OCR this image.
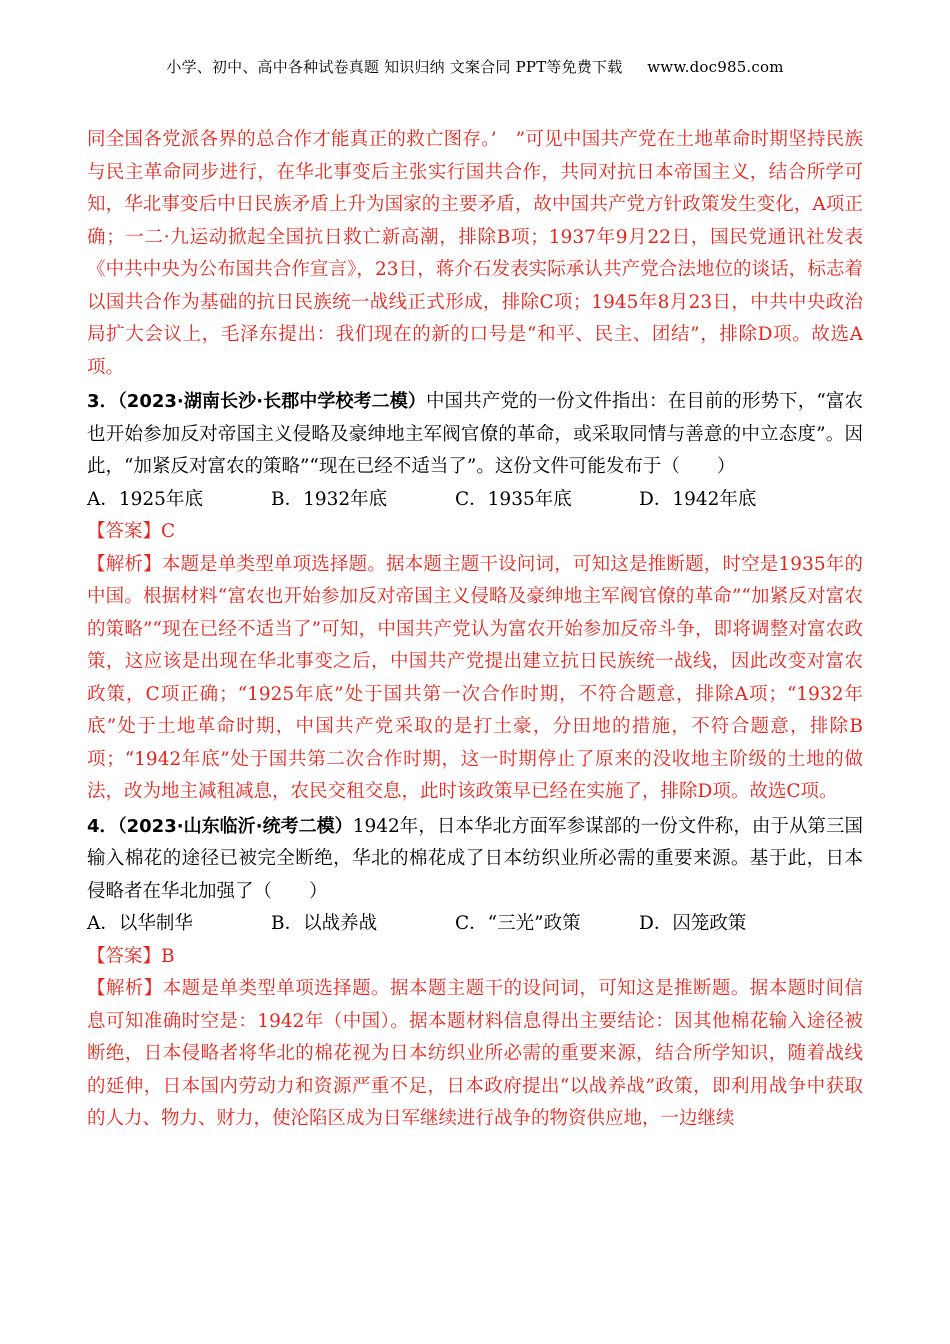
小学、初中、高中各种试卷真题 知识归纳 文案合同 PPT等免费下载 www.doc985.com

同全国各党派各界的总合作才能真正的救亡图存。’　”可见中国共产党在土地革命时期坚持民族与民主革命同步进行，在华北事变后主张实行国共合作，共同对抗日本帝国主义，结合所学可知，华北事变后中日民族矛盾上升为国家的主要矛盾，故中国共产党方针政策发生变化，A项正确；一二·九运动掀起全国抗日救亡新高潮，排除B项；1937年9月22日，国民党通讯社发表《中共中央为公布国共合作宣言》，23日，蒋介石发表实际承认共产党合法地位的谈话，标志着以国共合作为基础的抗日民族统一战线正式形成，排除C项；1945年8月23日，中共中央政治局扩大会议上，毛泽东提出：我们现在的新的口号是“和平、民主、团结”，排除D项。故选A项。

3．（2023·湖南长沙·长郡中学校考二模）中国共产党的一份文件指出：在目前的形势下，“富农也开始参加反对帝国主义侵略及豪绅地主军阀官僚的革命，或采取同情与善意的中立态度”。因此，“加紧反对富农的策略”“现在已经不适当了”。这份文件可能发布于（　　）

A．1925年底	B．1932年底	C．1935年底	D．1942年底

【答案】C

【解析】本题是单类型单项选择题。据本题主题干设问词，可知这是推断题，时空是1935年的中国。根据材料“富农也开始参加反对帝国主义侵略及豪绅地主军阀官僚的革命”“加紧反对富农的策略”“现在已经不适当了”可知，中国共产党认为富农开始参加反帝斗争，即将调整对富农政策，这应该是出现在华北事变之后，中国共产党提出建立抗日民族统一战线，因此改变对富农政策，C项正确；“1925年底”处于国共第一次合作时期，不符合题意，排除A项；“1932年底”处于土地革命时期，中国共产党采取的是打土豪，分田地的措施，不符合题意，排除B项；“1942年底”处于国共第二次合作时期，这一时期停止了原来的没收地主阶级的土地的做法，改为地主减租减息，农民交租交息，此时该政策早已经在实施了，排除D项。故选C项。

4．（2023·山东临沂·统考二模）1942年，日本华北方面军参谋部的一份文件称，由于从第三国输入棉花的途径已被完全断绝，华北的棉花成了日本纺织业所必需的重要来源。基于此，日本侵略者在华北加强了（　　）

A．以华制华	B．以战养战	C．“三光”政策	D．囚笼政策

【答案】B

【解析】本题是单类型单项选择题。据本题主题干的设问词，可知这是推断题。据本题时间信息可知准确时空是：1942年（中国）。据本题材料信息得出主要结论：因其他棉花输入途径被断绝，日本侵略者将华北的棉花视为日本纺织业所必需的重要来源，结合所学知识，随着战线的延伸，日本国内劳动力和资源严重不足，日本政府提出“以战养战”政策，即利用战争中获取的人力、物力、财力，使沦陷区成为日军继续进行战争的物资供应地，一边继续
